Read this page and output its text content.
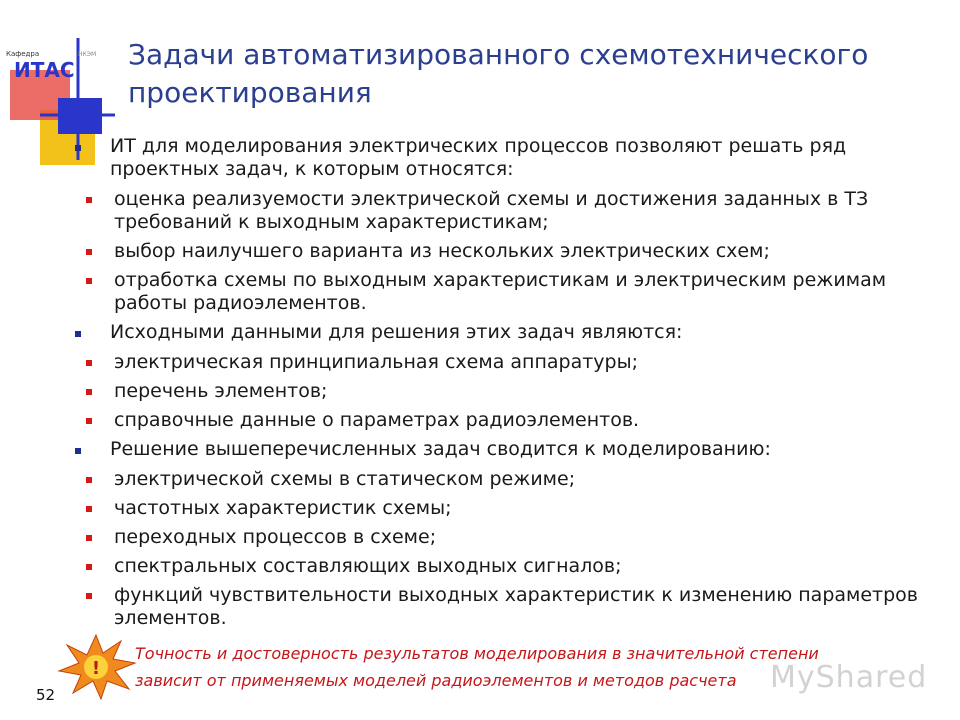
Кафедра
ИТАС
НКЭМ Задачи автоматизированного схемотехнического проектирования
ИТ для моделирования электрических процессов позволяют решать ряд проектных задач, к которым относятся:
оценка реализуемости электрической схемы и достижения заданных в ТЗ требований к выходным характеристикам;
выбор наилучшего варианта из нескольких электрических схем;
отработка схемы по выходным характеристикам и электрическим режимам работы радиоэлементов.
Исходными данными для решения этих задач являются:
электрическая принципиальная схема аппаратуры;
перечень элементов;
справочные данные о параметрах радиоэлементов.
Решение вышеперечисленных задач сводится к моделированию:
электрической схемы в статическом режиме;
частотных характеристик схемы;
переходных процессов в схеме;
спектральных составляющих выходных сигналов;
функций чувствительности выходных характеристик к изменению параметров элементов.
!
Точность и достоверность результатов моделирования в значительной степени
зависит от применяемых моделей радиоэлементов и методов расчета	MyShared
52
